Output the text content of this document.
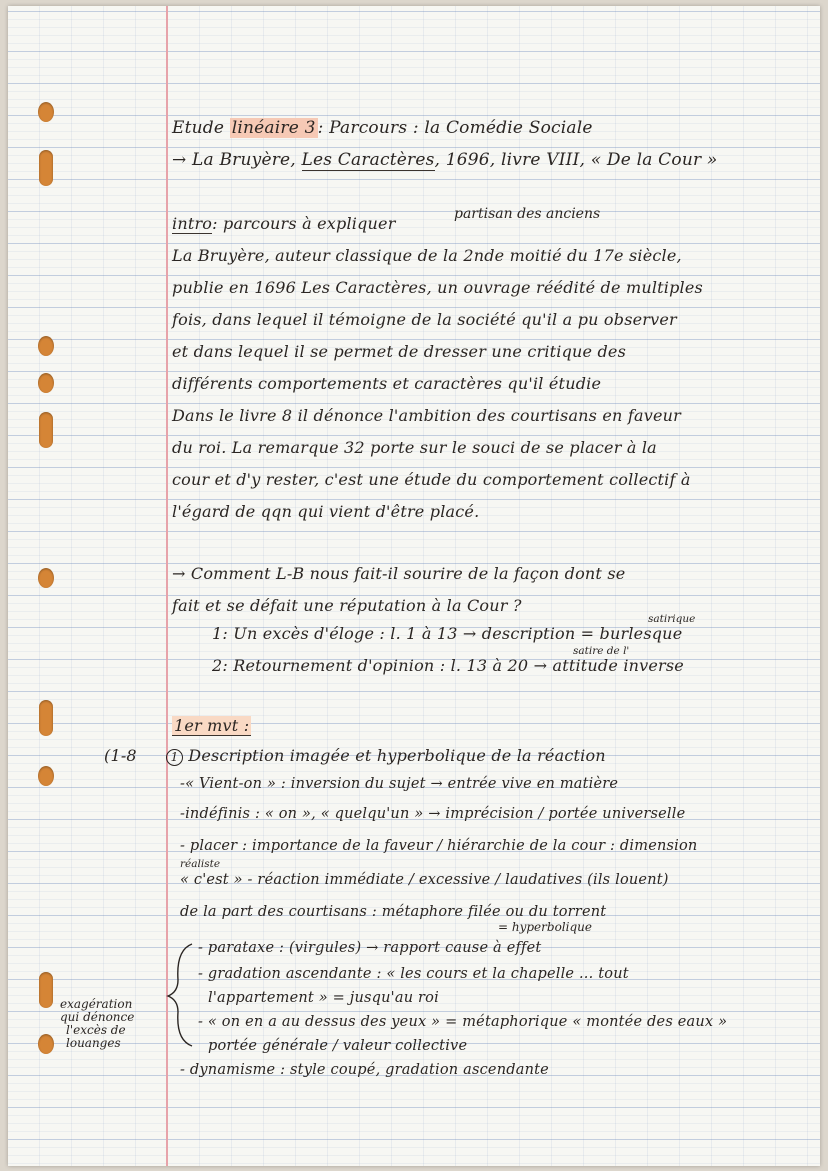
Etude linéaire 3 : Parcours : la Comédie Sociale
→ La Bruyère, Les Caractères, 1696, livre VIII, « De la Cour »
partisan des anciens
intro: parcours à expliquer
La Bruyère, auteur classique de la 2nde moitié du 17e siècle,
publie en 1696 Les Caractères, un ouvrage réédité de multiples
fois, dans lequel il témoigne de la société qu'il a pu observer
et dans lequel il se permet de dresser une critique des
différents comportements et caractères qu'il étudie
Dans le livre 8 il dénonce l'ambition des courtisans en faveur
du roi. La remarque 32 porte sur le souci de se placer à la
cour et d'y rester, c'est une étude du comportement collectif à
l'égard de qqn qui vient d'être placé.
→ Comment L-B nous fait-il sourire de la façon dont se
fait et se défait une réputation à la Cour ?
satirique
1: Un excès d'éloge : l. 1 à 13 → description = burlesque
satire de l'
2: Retournement d'opinion : l. 13 à 20 → attitude inverse
1er mvt :
(1-8	1 Description imagée et hyperbolique de la réaction
-« Vient-on » : inversion du sujet → entrée vive en matière
-indéfinis : « on », « quelqu'un » → imprécision / portée universelle
- placer : importance de la faveur / hiérarchie de la cour : dimension
réaliste
« c'est » - réaction immédiate / excessive / laudatives (ils louent)
de la part des courtisans : métaphore filée ou du torrent
= hyperbolique
- parataxe : (virgules) → rapport cause à effet
- gradation ascendante : « les cours et la chapelle ... tout
l'appartement » = jusqu'au roi
- « on en a au dessus des yeux » = métaphorique « montée des eaux »
portée générale / valeur collective
- dynamisme : style coupé, gradation ascendante
exagération
qui dénonce
l'excès de
louanges
